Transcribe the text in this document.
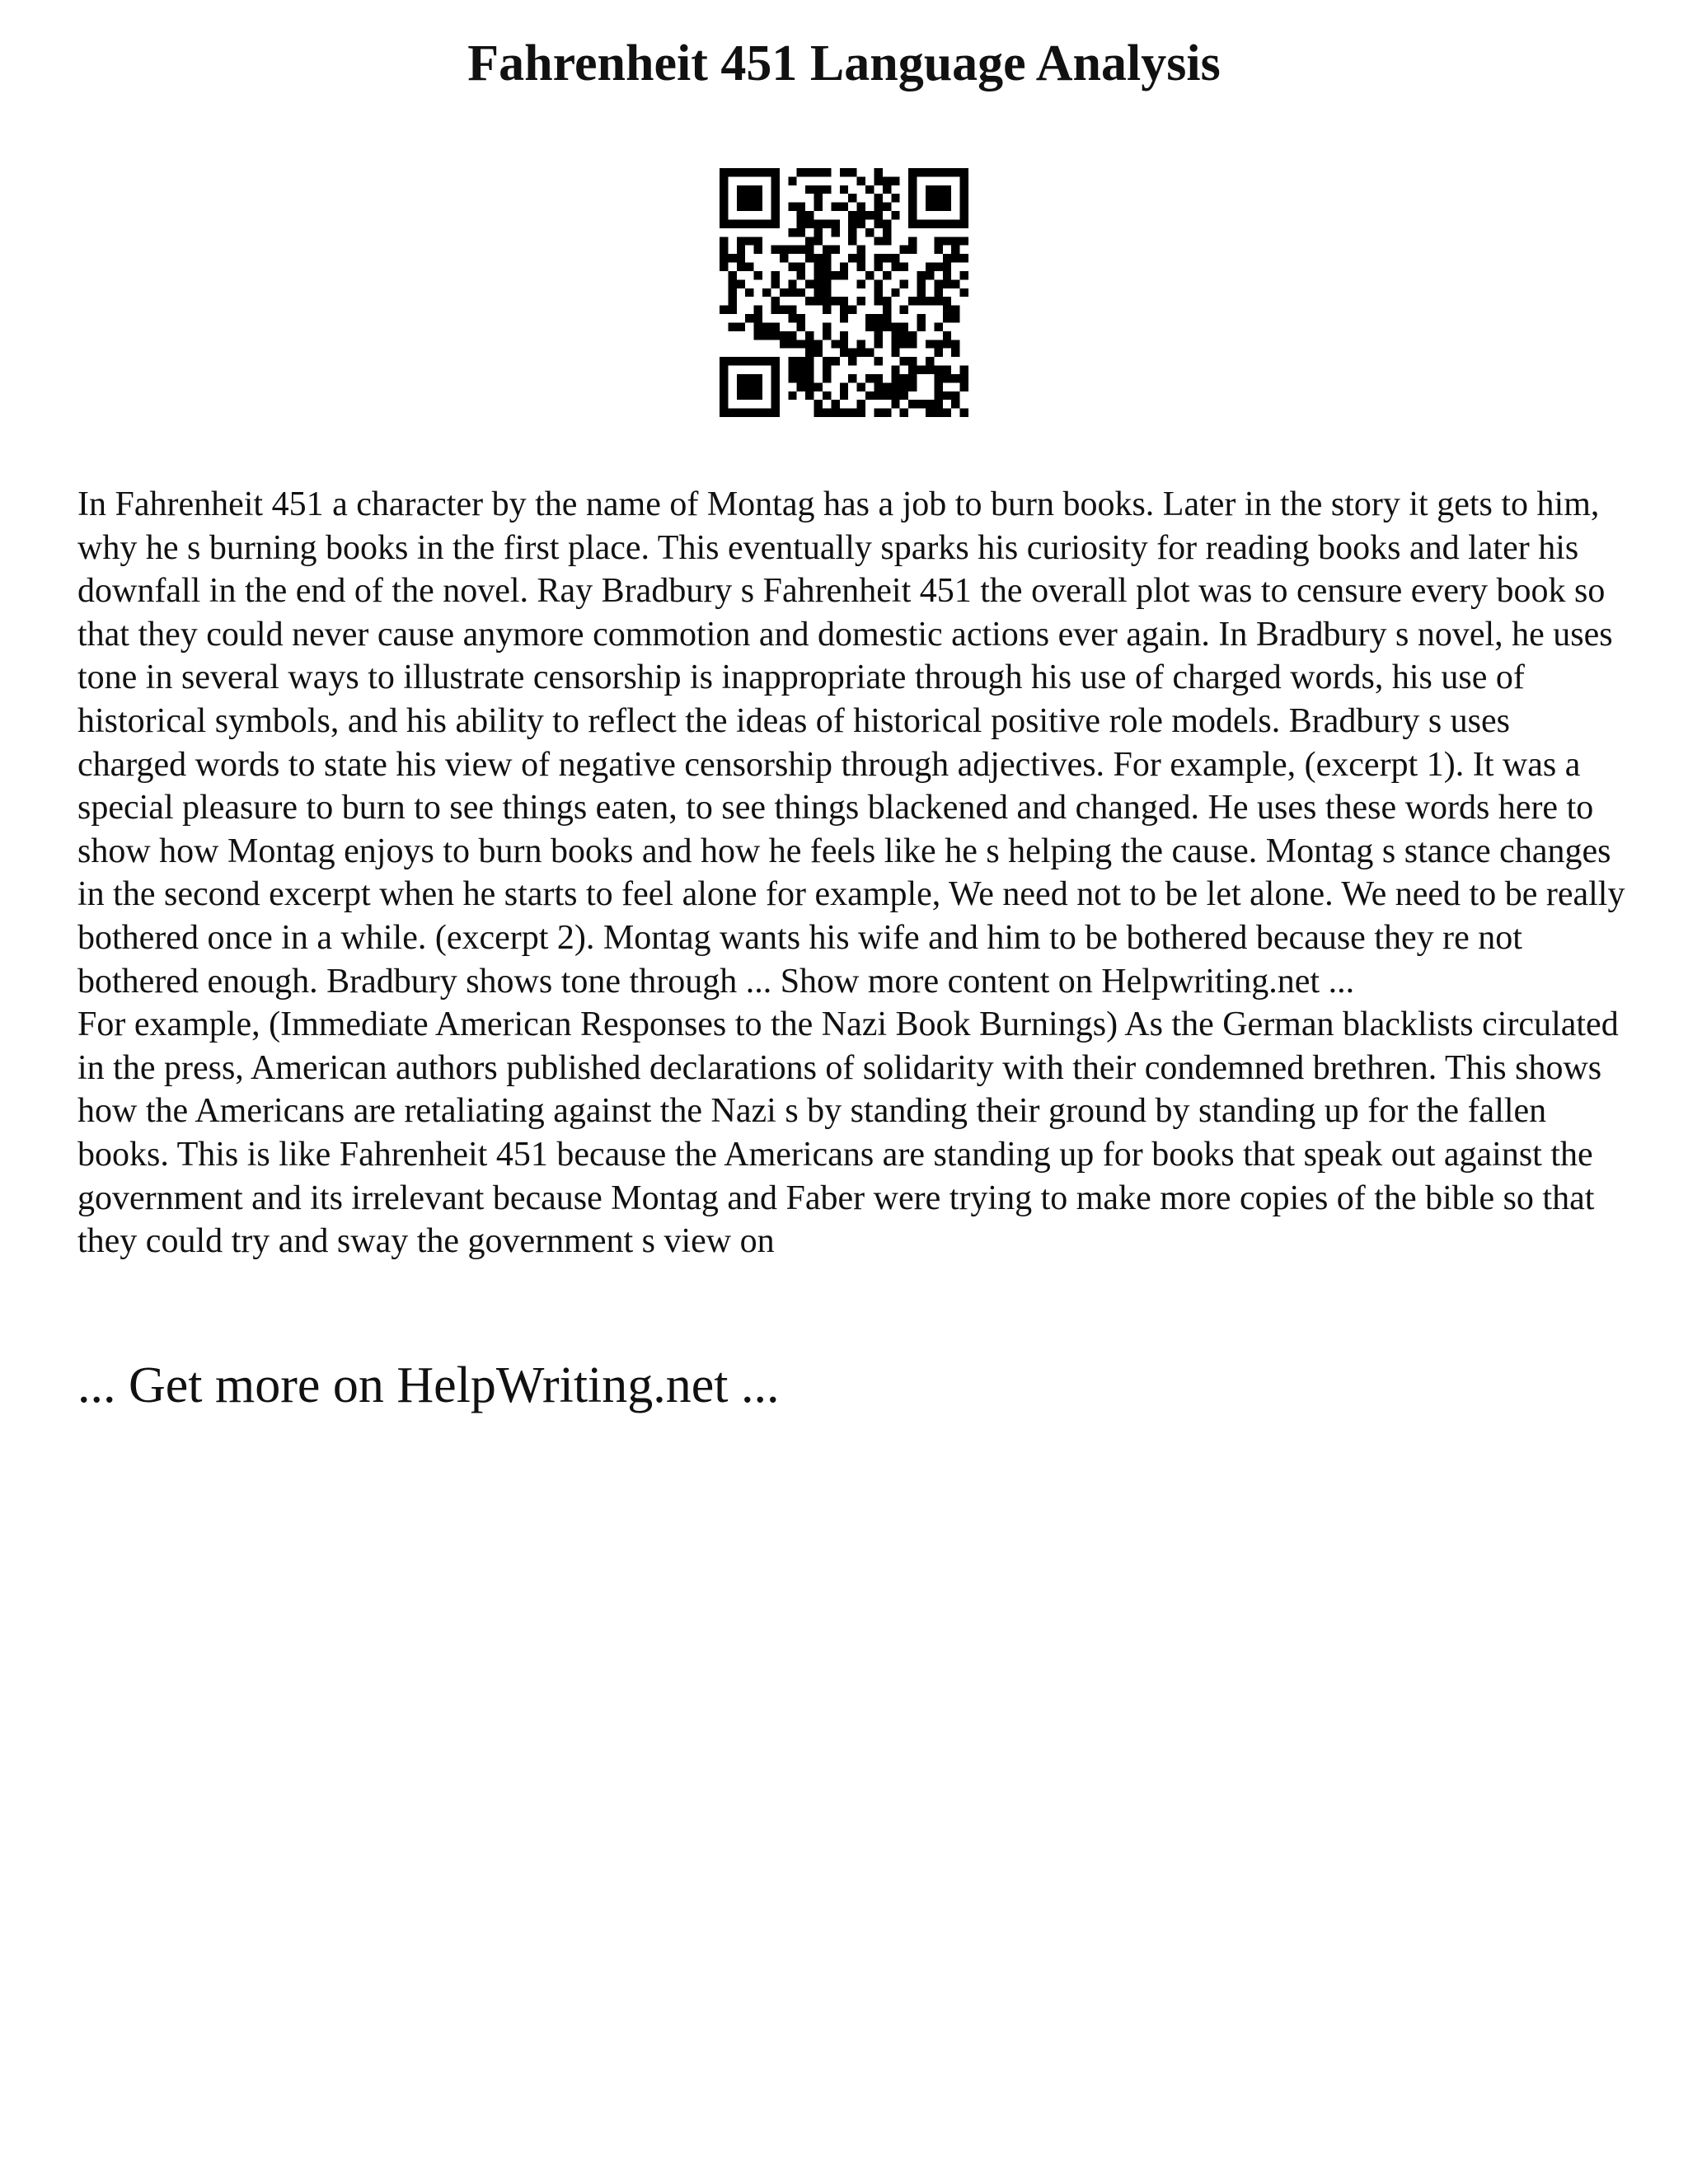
Fahrenheit 451 Language Analysis

In Fahrenheit 451 a character by the name of Montag has a job to burn books. Later in the story it gets to him, why he s burning books in the first place. This eventually sparks his curiosity for reading books and later his downfall in the end of the novel. Ray Bradbury s Fahrenheit 451 the overall plot was to censure every book so that they could never cause anymore commotion and domestic actions ever again. In Bradbury s novel, he uses tone in several ways to illustrate censorship is inappropriate through his use of charged words, his use of historical symbols, and his ability to reflect the ideas of historical positive role models. Bradbury s uses charged words to state his view of negative censorship through adjectives. For example, (excerpt 1). It was a special pleasure to burn to see things eaten, to see things blackened and changed. He uses these words here to show how Montag enjoys to burn books and how he feels like he s helping the cause. Montag s stance changes in the second excerpt when he starts to feel alone for example, We need not to be let alone. We need to be really bothered once in a while. (excerpt 2). Montag wants his wife and him to be bothered because they re not bothered enough. Bradbury shows tone through ... Show more content on Helpwriting.net ...

For example, (Immediate American Responses to the Nazi Book Burnings) As the German blacklists circulated in the press, American authors published declarations of solidarity with their condemned brethren. This shows how the Americans are retaliating against the Nazi s by standing their ground by standing up for the fallen books. This is like Fahrenheit 451 because the Americans are standing up for books that speak out against the government and its irrelevant because Montag and Faber were trying to make more copies of the bible so that they could try and sway the government s view on

... Get more on HelpWriting.net ...
